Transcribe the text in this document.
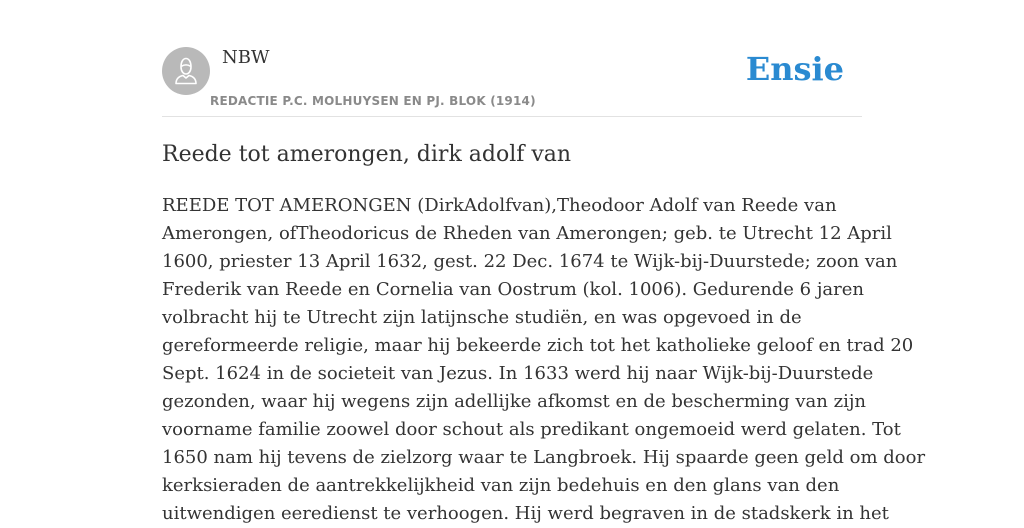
NBW
REDACTIE P.C. MOLHUYSEN EN PJ. BLOK (1914)
Ensie
Reede tot amerongen, dirk adolf van
REEDE TOT AMERONGEN (DirkAdolfvan),Theodoor Adolf van Reede van
Amerongen, ofTheodoricus de Rheden van Amerongen; geb. te Utrecht 12 April
1600, priester 13 April 1632, gest. 22 Dec. 1674 te Wijk-bij-Duurstede; zoon van
Frederik van Reede en Cornelia van Oostrum (kol. 1006). Gedurende 6 jaren
volbracht hij te Utrecht zijn latijnsche studiën, en was opgevoed in de
gereformeerde religie, maar hij bekeerde zich tot het katholieke geloof en trad 20
Sept. 1624 in de societeit van Jezus. In 1633 werd hij naar Wijk-bij-Duurstede
gezonden, waar hij wegens zijn adellijke afkomst en de bescherming van zijn
voorname familie zoowel door schout als predikant ongemoeid werd gelaten. Tot
1650 nam hij tevens de zielzorg waar te Langbroek. Hij spaarde geen geld om door
kerksieraden de aantrekkelijkheid van zijn bedehuis en den glans van den
uitwendigen eeredienst te verhoogen. Hij werd begraven in de stadskerk in het
